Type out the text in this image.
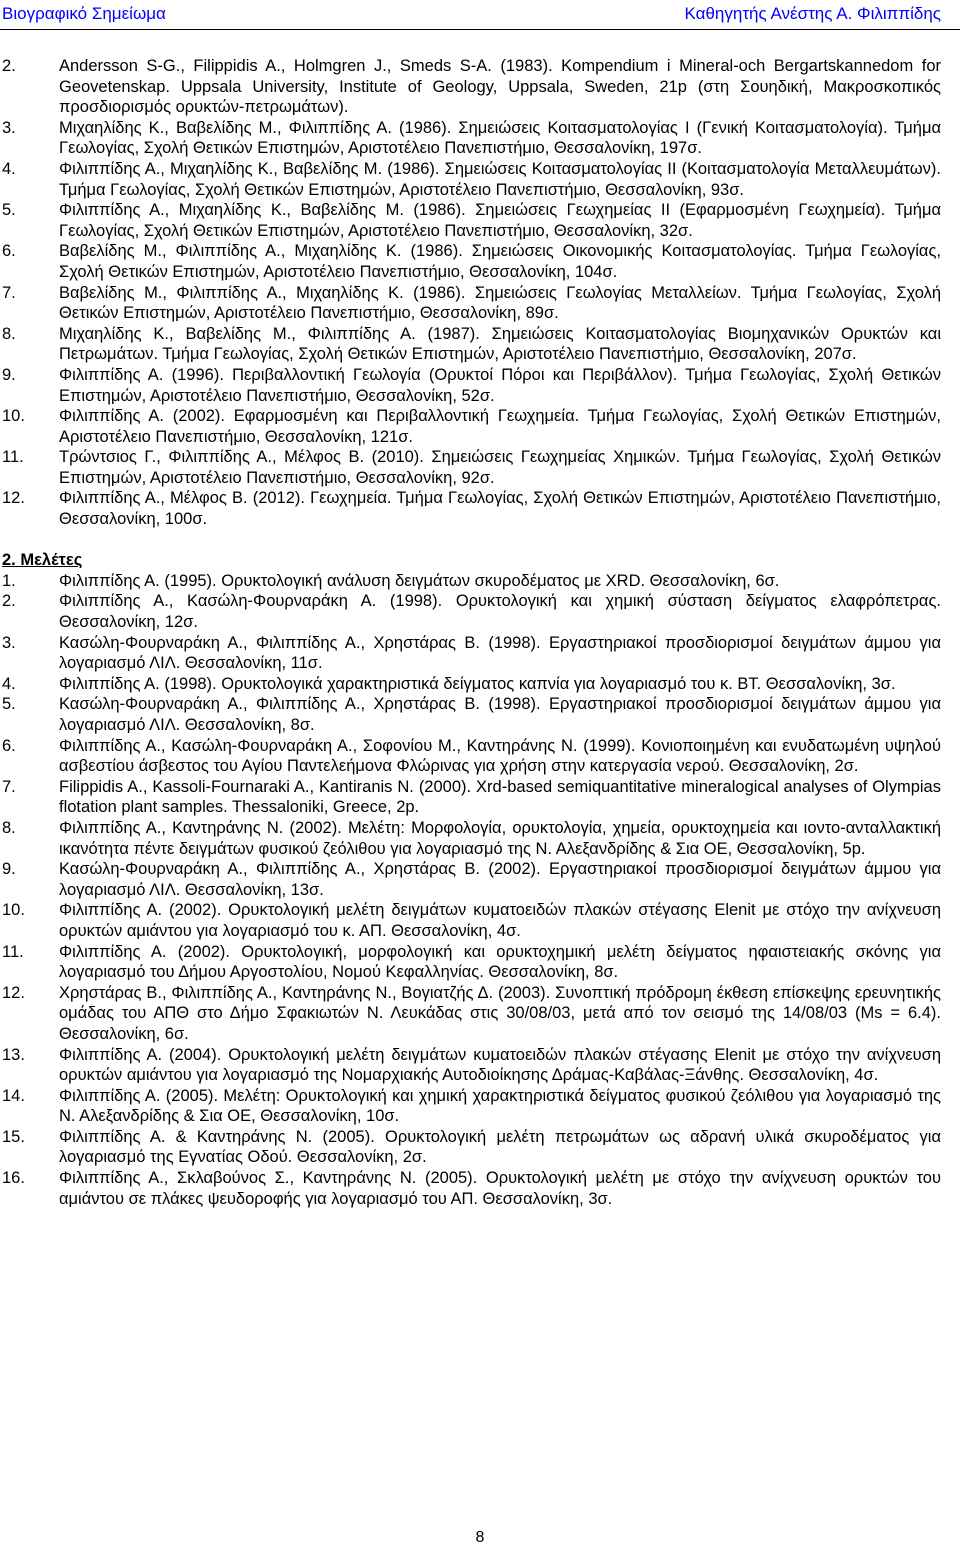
Βιογραφικό Σημείωμα	Καθηγητής Ανέστης Α. Φιλιππίδης
2.	Andersson S-G., Filippidis A., Holmgren J., Smeds S-A. (1983). Kompendium i Mineral-och Bergartskannedom for Geovetenskap. Uppsala University, Institute of Geology, Uppsala, Sweden, 21p (στη Σουηδική, Μακροσκοπικός προσδιορισμός ορυκτών-πετρωμάτων).
3.	Μιχαηλίδης Κ., Βαβελίδης Μ., Φιλιππίδης Α. (1986). Σημειώσεις Κοιτασματολογίας Ι (Γενική Κοιτασματολογία). Τμήμα Γεωλογίας, Σχολή Θετικών Επιστημών, Αριστοτέλειο Πανεπιστήμιο, Θεσσαλονίκη, 197σ.
4.	Φιλιππίδης Α., Μιχαηλίδης Κ., Βαβελίδης Μ. (1986). Σημειώσεις Κοιτασματολογίας ΙΙ (Κοιτασματολογία Μεταλλευμάτων). Τμήμα Γεωλογίας, Σχολή Θετικών Επιστημών, Αριστοτέλειο Πανεπιστήμιο, Θεσσαλονίκη, 93σ.
5.	Φιλιππίδης Α., Μιχαηλίδης Κ., Βαβελίδης Μ. (1986). Σημειώσεις Γεωχημείας ΙΙ (Εφαρμοσμένη Γεωχημεία). Τμήμα Γεωλογίας, Σχολή Θετικών Επιστημών, Αριστοτέλειο Πανεπιστήμιο, Θεσσαλονίκη, 32σ.
6.	Βαβελίδης Μ., Φιλιππίδης Α., Μιχαηλίδης Κ. (1986). Σημειώσεις Οικονομικής Κοιτασματολογίας. Τμήμα Γεωλογίας, Σχολή Θετικών Επιστημών, Αριστοτέλειο Πανεπιστήμιο, Θεσσαλονίκη, 104σ.
7.	Βαβελίδης Μ., Φιλιππίδης Α., Μιχαηλίδης Κ. (1986). Σημειώσεις Γεωλογίας Μεταλλείων. Τμήμα Γεωλογίας, Σχολή Θετικών Επιστημών, Αριστοτέλειο Πανεπιστήμιο, Θεσσαλονίκη, 89σ.
8.	Μιχαηλίδης Κ., Βαβελίδης Μ., Φιλιππίδης Α. (1987). Σημειώσεις Κοιτασματολογίας Βιομηχανικών Ορυκτών και Πετρωμάτων. Τμήμα Γεωλογίας, Σχολή Θετικών Επιστημών, Αριστοτέλειο Πανεπιστήμιο, Θεσσαλονίκη, 207σ.
9.	Φιλιππίδης Α. (1996). Περιβαλλοντική Γεωλογία (Ορυκτοί Πόροι και Περιβάλλον). Τμήμα Γεωλογίας, Σχολή Θετικών Επιστημών, Αριστοτέλειο Πανεπιστήμιο, Θεσσαλονίκη, 52σ.
10. Φιλιππίδης Α. (2002). Εφαρμοσμένη και Περιβαλλοντική Γεωχημεία. Τμήμα Γεωλογίας, Σχολή Θετικών Επιστημών, Αριστοτέλειο Πανεπιστήμιο, Θεσσαλονίκη, 121σ.
11. Τρώντσιος Γ., Φιλιππίδης Α., Μέλφος Β. (2010). Σημειώσεις Γεωχημείας Χημικών. Τμήμα Γεωλογίας, Σχολή Θετικών Επιστημών, Αριστοτέλειο Πανεπιστήμιο, Θεσσαλονίκη, 92σ.
12. Φιλιππίδης Α., Μέλφος Β. (2012). Γεωχημεία. Τμήμα Γεωλογίας, Σχολή Θετικών Επιστημών, Αριστοτέλειο Πανεπιστήμιο, Θεσσαλονίκη, 100σ.
2. Μελέτες
1.	Φιλιππίδης Α. (1995). Ορυκτολογική ανάλυση δειγμάτων σκυροδέματος με XRD. Θεσσαλονίκη, 6σ.
2.	Φιλιππίδης Α., Κασώλη-Φουρναράκη Α. (1998). Ορυκτολογική και χημική σύσταση δείγματος ελαφρόπετρας. Θεσσαλονίκη, 12σ.
3.	Κασώλη-Φουρναράκη Α., Φιλιππίδης Α., Χρηστάρας Β. (1998). Εργαστηριακοί προσδιορισμοί δειγμάτων άμμου για λογαριασμό ΛΙΛ. Θεσσαλονίκη, 11σ.
4.	Φιλιππίδης Α. (1998). Ορυκτολογικά χαρακτηριστικά δείγματος καπνία για λογαριασμό του κ. ΒΤ. Θεσσαλονίκη, 3σ.
5.	Κασώλη-Φουρναράκη Α., Φιλιππίδης Α., Χρηστάρας Β. (1998). Εργαστηριακοί προσδιορισμοί δειγμάτων άμμου για λογαριασμό ΛΙΛ. Θεσσαλονίκη, 8σ.
6.	Φιλιππίδης Α., Κασώλη-Φουρναράκη Α., Σοφονίου Μ., Καντηράνης Ν. (1999). Κονιοποιημένη και ενυδατωμένη υψηλού ασβεστίου άσβεστος του Αγίου Παντελεήμονα Φλώρινας για χρήση στην κατεργασία νερού. Θεσσαλονίκη, 2σ.
7.	Filippidis A., Kassoli-Fournaraki A., Kantiranis N. (2000). Xrd-based semiquantitative mineralogical analyses of Olympias flotation plant samples. Thessaloniki, Greece, 2p.
8.	Φιλιππίδης Α., Καντηράνης Ν. (2002). Μελέτη: Μορφολογία, ορυκτολογία, χημεία, ορυκτοχημεία και ιοντο-ανταλλακτική ικανότητα πέντε δειγμάτων φυσικού ζεόλιθου για λογαριασμό της Ν. Αλεξανδρίδης & Σια ΟΕ, Θεσσαλονίκη, 5p.
9.	Κασώλη-Φουρναράκη Α., Φιλιππίδης Α., Χρηστάρας Β. (2002). Εργαστηριακοί προσδιορισμοί δειγμάτων άμμου για λογαριασμό ΛΙΛ. Θεσσαλονίκη, 13σ.
10. Φιλιππίδης Α. (2002). Ορυκτολογική μελέτη δειγμάτων κυματοειδών πλακών στέγασης Elenit με στόχο την ανίχνευση ορυκτών αμιάντου για λογαριασμό του κ. ΑΠ. Θεσσαλονίκη, 4σ.
11. Φιλιππίδης Α. (2002). Ορυκτολογική, μορφολογική και ορυκτοχημική μελέτη δείγματος ηφαιστειακής σκόνης για λογαριασμό του Δήμου Αργοστολίου, Νομού Κεφαλληνίας. Θεσσαλονίκη, 8σ.
12. Χρηστάρας Β., Φιλιππίδης Α., Καντηράνης Ν., Βογιατζής Δ. (2003). Συνοπτική πρόδρομη έκθεση επίσκεψης ερευνητικής ομάδας του ΑΠΘ στο Δήμο Σφακιωτών Ν. Λευκάδας στις 30/08/03, μετά από τον σεισμό της 14/08/03 (Ms = 6.4). Θεσσαλονίκη, 6σ.
13. Φιλιππίδης Α. (2004). Ορυκτολογική μελέτη δειγμάτων κυματοειδών πλακών στέγασης Elenit με στόχο την ανίχνευση ορυκτών αμιάντου για λογαριασμό της Νομαρχιακής Αυτοδιοίκησης Δράμας-Καβάλας-Ξάνθης. Θεσσαλονίκη, 4σ.
14. Φιλιππίδης Α. (2005). Μελέτη: Ορυκτολογική και χημική χαρακτηριστικά δείγματος φυσικού ζεόλιθου για λογαριασμό της Ν. Αλεξανδρίδης & Σια ΟΕ, Θεσσαλονίκη, 10σ.
15. Φιλιππίδης Α. & Καντηράνης Ν. (2005). Ορυκτολογική μελέτη πετρωμάτων ως αδρανή υλικά σκυροδέματος για λογαριασμό της Εγνατίας Οδού. Θεσσαλονίκη, 2σ.
16. Φιλιππίδης Α., Σκλαβούνος Σ., Καντηράνης Ν. (2005). Ορυκτολογική μελέτη με στόχο την ανίχνευση ορυκτών του αμιάντου σε πλάκες ψευδοροφής για λογαριασμό του ΑΠ. Θεσσαλονίκη, 3σ.
8
